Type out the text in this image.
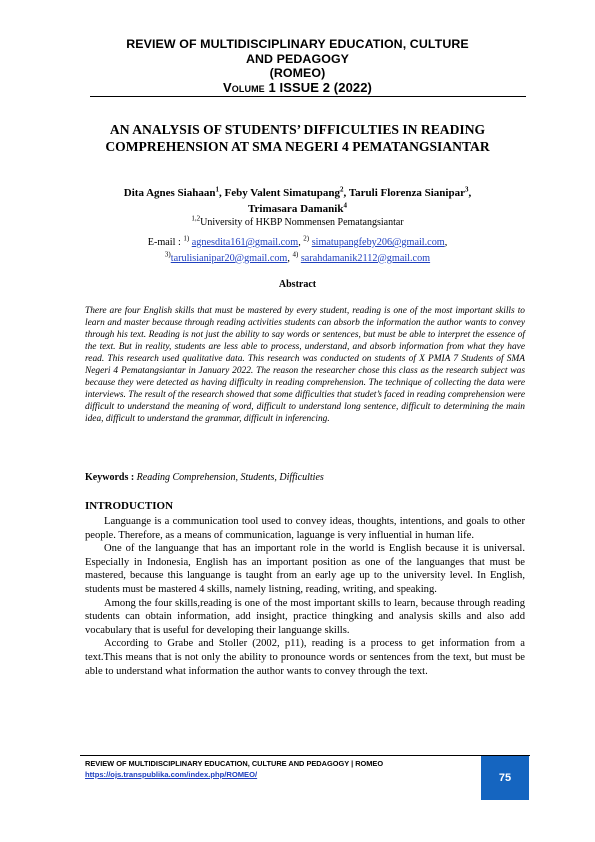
REVIEW OF MULTIDISCIPLINARY EDUCATION, CULTURE
AND PEDAGOGY
(ROMEO)
Volume 1 ISSUE 2 (2022)
AN ANALYSIS OF STUDENTS’ DIFFICULTIES IN READING
COMPREHENSION AT SMA NEGERI 4 PEMATANGSIANTAR
Dita Agnes Siahaan$^1$, Feby Valent Simatupang$^2$, Taruli Florenza Sianipar$^3$,
Trimasara Damanik$^4$
$^{1,2}$University of HKBP Nommensen Pematangsiantar
E-mail : $^{1)}$ agnesdita161@gmail.com, $^{2)}$ simatupangfeby206@gmail.com,
$^{3)}$tarulisianipar20@gmail.com, $^{4)}$ sarahdamanik2112@gmail.com
Abstract
There are four English skills that must be mastered by every student, reading is one of the most important skills to learn and master because through reading activities students can absorb the information the author wants to convey through his text. Reading is not just the ability to say words or sentences, but must be able to interpret the essence of the text. But in reality, students are less able to process, understand, and absorb information from what they have read. This research used qualitative data. This research was conducted on students of X PMIA 7 Students of SMA Negeri 4 Pematangsiantar in January 2022. The reason the researcher chose this class as the research subject was because they were detected as having difficulty in reading comprehension. The technique of collecting the data were interviews. The result of the research showed that some difficulties that studet’s faced in reading comprehension were difficult to understand the meaning of word, difficult to understand long sentence, difficult to determining the main idea, difficult to understand the grammar, difficult in inferencing.
Keywords : Reading Comprehension, Students, Difficulties
INTRODUCTION

Languange is a communication tool used to convey ideas, thoughts, intentions, and goals to other people. Therefore, as a means of communication, laguange is very influential in human life.

One of the languange that has an important role in the world is English because it is universal. Especially in Indonesia, English has an important position as one of the languanges that must be mastered, because this languange is taught from an early age up to the university level. In English, students must be mastered 4 skills, namely listning, reading, writing, and speaking.

Among the four skills,reading is one of the most important skills to learn, because through reading students can obtain information, add insight, practice thingking and analysis skills and also add vocabulary that is useful for developing their languange skills.

According to Grabe and Stoller (2002, p11), reading is a process to get information from a text.This means that is not only the ability to pronounce words or sentences from the text, but must be able to understand what information the author wants to convey through the text.

REVIEW OF MULTIDISCIPLINARY EDUCATION, CULTURE AND PEDAGOGY | ROMEO
https://ojs.transpublika.com/index.php/ROMEO/	75
